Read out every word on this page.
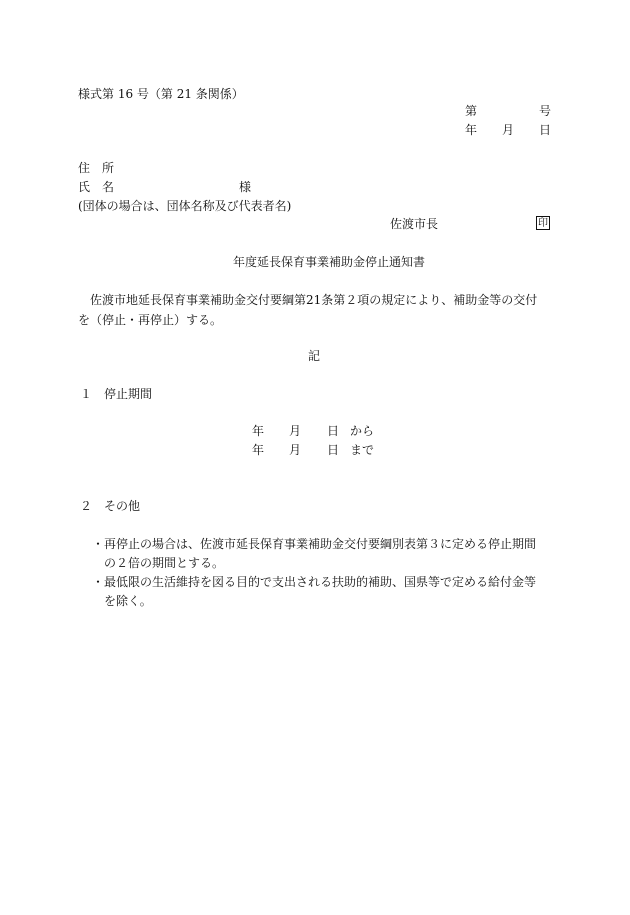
様式第 16 号（第 21 条関係）
第	号
年 月 日
住　所
氏　名	様
(団体の場合は、団体名称及び代表者名)
佐渡市長	印
年度延長保育事業補助金停止通知書
佐渡市地延長保育事業補助金交付要綱第21条第２項の規定により、補助金等の交付
を（停止・再停止）する。
記
１　停止期間
年 月 日 から
年 月 日 まで
２　その他
・再停止の場合は、佐渡市延長保育事業補助金交付要綱別表第３に定める停止期間
の２倍の期間とする。
・最低限の生活維持を図る目的で支出される扶助的補助、国県等で定める給付金等
を除く。
